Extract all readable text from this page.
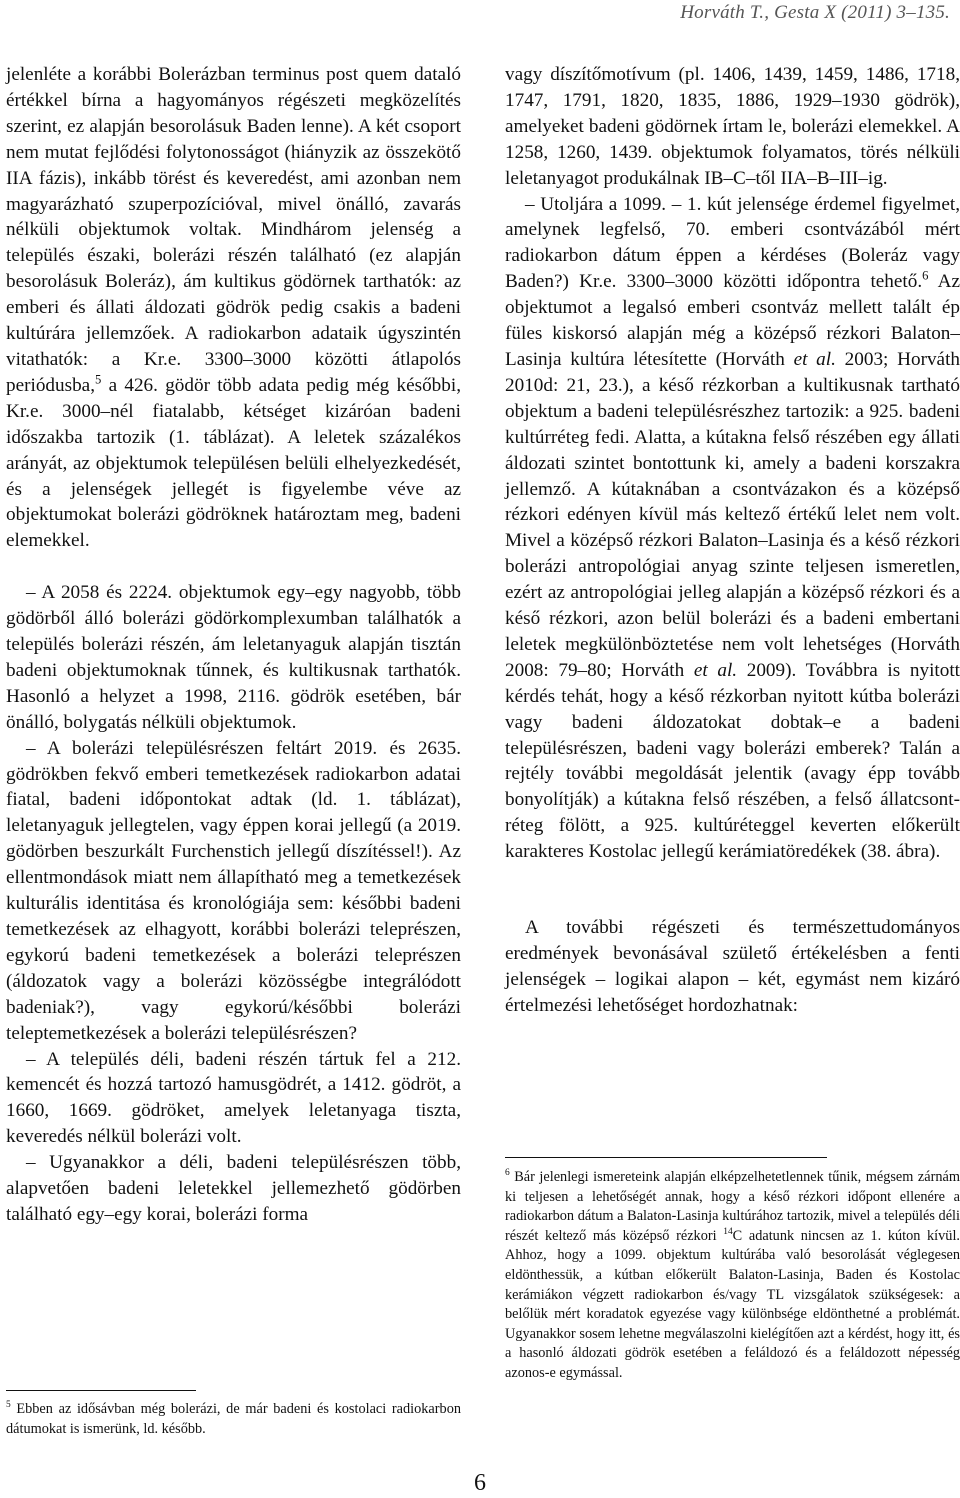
Horváth T., Gesta X (2011) 3–135.

jelenléte a korábbi Bolerázban terminus post quem dataló értékkel bírna a hagyományos régészeti megközelítés szerint, ez alapján besorolásuk Baden lenne). A két csoport nem mutat fejlődési folytonosságot (hiányzik az összekötő IIA fázis), inkább törést és keveredést, ami azonban nem magyarázható szuperpozícióval, mivel önálló, zavarás nélküli objektumok voltak. Mindhárom jelenség a település északi, bolerázi részén található (ez alapján besorolásuk Boleráz), ám kultikus gödörnek tarthatók: az emberi és állati áldozati gödrök pedig csakis a badeni kultúrára jellemzőek. A radiokarbon adataik úgyszintén vitathatók: a Kr.e. 3300–3000 közötti átlapolós periódusba,$^5$ a 426. gödör több adata pedig még későbbi, Kr.e. 3000–nél fiatalabb, kétséget kizáróan badeni időszakba tartozik (1. táblázat). A leletek százalékos arányát, az objektumok településen belüli elhelyezkedését, és a jelenségek jellegét is figyelembe véve az objektumokat bolerázi gödröknek határoztam meg, badeni elemekkel.

– A 2058 és 2224. objektumok egy–egy nagyobb, több gödörből álló bolerázi gödörkomplexumban találhatók a település bolerázi részén, ám leletanyaguk alapján tisztán badeni objektumoknak tűnnek, és kultikusnak tarthatók. Hasonló a helyzet a 1998, 2116. gödrök esetében, bár önálló, bolygatás nélküli objektumok.

– A bolerázi településrészen feltárt 2019. és 2635. gödrökben fekvő emberi temetkezések radiokarbon adatai fiatal, badeni időpontokat adtak (ld. 1. táblázat), leletanyaguk jellegtelen, vagy éppen korai jellegű (a 2019. gödörben beszurkált Furchenstich jellegű díszítéssel!). Az ellentmondások miatt nem állapítható meg a temetkezések kulturális identitása és kronológiája sem: későbbi badeni temetkezések az elhagyott, korábbi bolerázi teleprészen, egykorú badeni temetkezések a bolerázi teleprészen (áldozatok vagy a bolerázi közösségbe integrálódott badeniak?), vagy egykorú/későbbi bolerázi teleptemetkezések a bolerázi településrészen?

– A település déli, badeni részén tártuk fel a 212. kemencét és hozzá tartozó hamusgödrét, a 1412. gödröt, a 1660, 1669. gödröket, amelyek leletanyaga tiszta, keveredés nélkül bolerázi volt.

– Ugyanakkor a déli, badeni településrészen több, alapvetően badeni leletekkel jellemezhető gödörben található egy–egy korai, bolerázi forma

vagy díszítőmotívum (pl. 1406, 1439, 1459, 1486, 1718, 1747, 1791, 1820, 1835, 1886, 1929–1930 gödrök), amelyeket badeni gödörnek írtam le, bolerázi elemekkel. A 1258, 1260, 1439. objektumok folyamatos, törés nélküli leletanyagot produkálnak IB–C–től IIA–B–III–ig.

– Utoljára a 1099. – 1. kút jelensége érdemel figyelmet, amelynek legfelső, 70. emberi csontvázából mért radiokarbon dátum éppen a kérdéses (Boleráz vagy Baden?) Kr.e. 3300–3000 közötti időpontra tehető.$^6$ Az objektumot a legalsó emberi csontváz mellett talált ép füles kiskorsó alapján még a középső rézkori Balaton–Lasinja kultúra létesítette (Horváth et al. 2003; Horváth 2010d: 21, 23.), a késő rézkorban a kultikusnak tartható objektum a badeni településrészhez tartozik: a 925. badeni kultúrréteg fedi. Alatta, a kútakna felső részében egy állati áldozati szintet bontottunk ki, amely a badeni korszakra jellemző. A kútaknában a csontvázakon és a középső rézkori edényen kívül más keltező értékű lelet nem volt. Mivel a középső rézkori Balaton–Lasinja és a késő rézkori bolerázi antropológiai anyag szinte teljesen ismeretlen, ezért az antropológiai jelleg alapján a középső rézkori és a késő rézkori, azon belül bolerázi és a badeni embertani leletek megkülönböztetése nem volt lehetséges (Horváth 2008: 79–80; Horváth et al. 2009). Továbbra is nyitott kérdés tehát, hogy a késő rézkorban nyitott kútba bolerázi vagy badeni áldozatokat dobtak–e a badeni településrészen, badeni vagy bolerázi emberek? Talán a rejtély további megoldását jelentik (avagy épp tovább bonyolítják) a kútakna felső részében, a felső állatcsont-réteg fölött, a 925. kultúréteggel keverten előkerült karakteres Kostolac jellegű kerámiatöredékek (38. ábra).

A további régészeti és természettudományos eredmények bevonásával születő értékelésben a fenti jelenségek – logikai alapon – két, egymást nem kizáró értelmezési lehetőséget hordozhatnak:

$^5$ Ebben az idősávban még bolerázi, de már badeni és kostolaci radiokarbon dátumokat is ismerünk, ld. később.
$^6$ Bár jelenlegi ismereteink alapján elképzelhetetlennek tűnik, mégsem zárnám ki teljesen a lehetőségét annak, hogy a késő rézkori időpont ellenére a radiokarbon dátum a Balaton-Lasinja kultúrához tartozik, mivel a település déli részét keltező más középső rézkori $^{14}$C adatunk nincsen az 1. kúton kívül. Ahhoz, hogy a 1099. objektum kultúrába való besorolását véglegesen eldönthessük, a kútban előkerült Balaton-Lasinja, Baden és Kostolac kerámiákon végzett radiokarbon és/vagy TL vizsgálatok szükségesek: a belőlük mért koradatok egyezése vagy különbsége eldönthetné a problémát. Ugyanakkor sosem lehetne megválaszolni kielégítően azt a kérdést, hogy itt, és a hasonló áldozati gödrök esetében a feláldozó és a feláldozott népesség azonos-e egymással.
6
